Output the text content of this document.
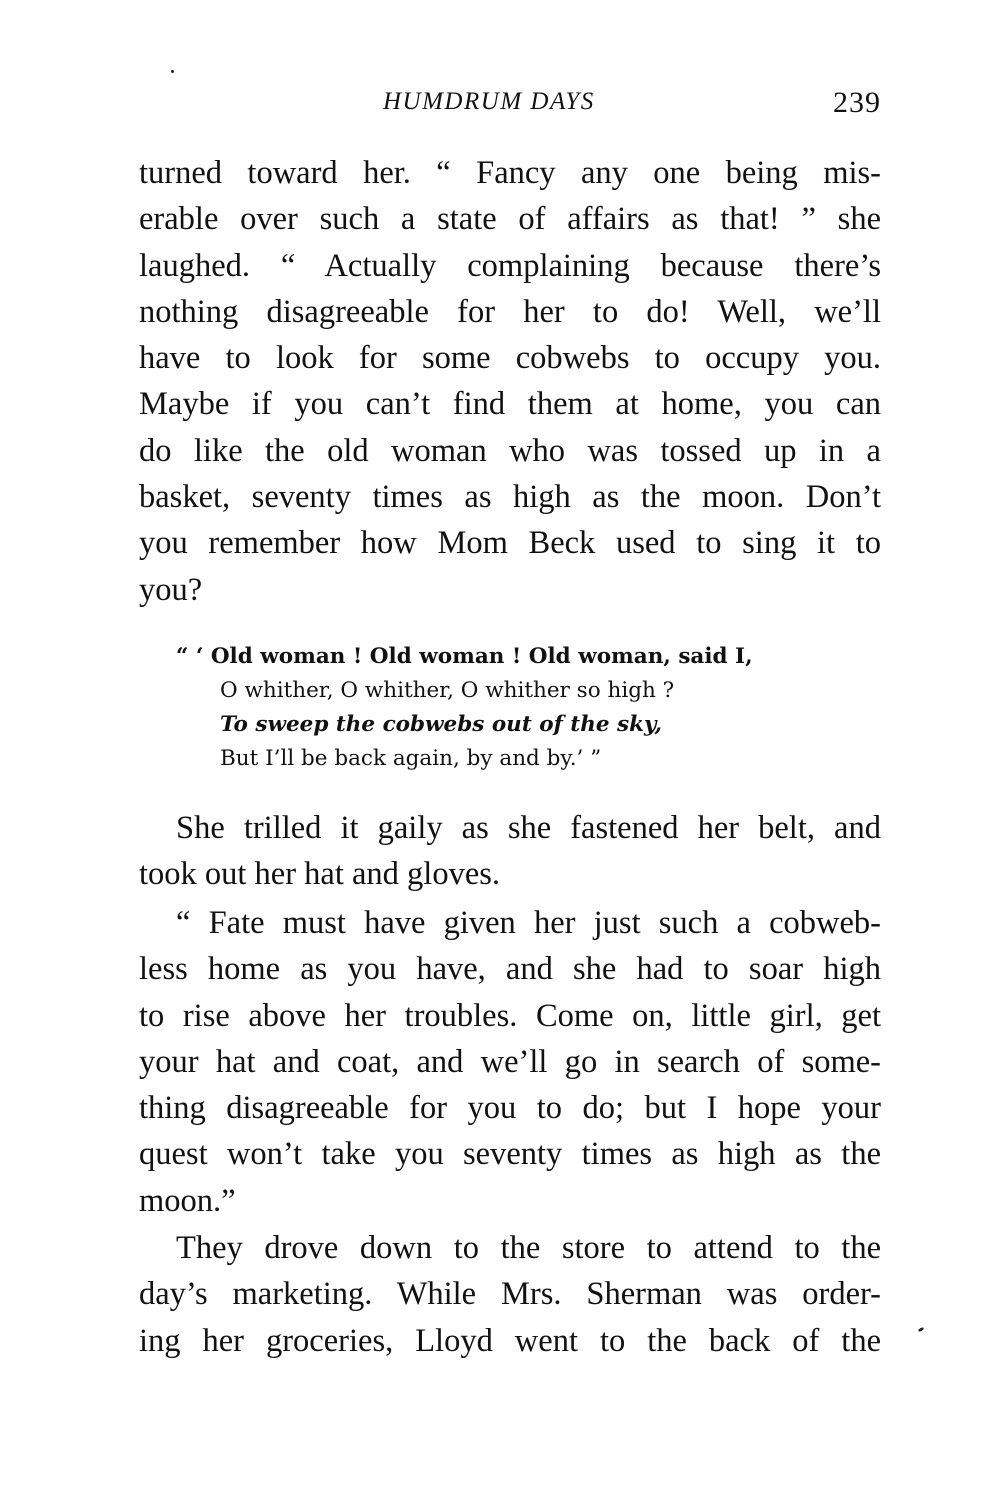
HUMDRUM DAYS	239

turned toward her. “ Fancy any one being mis-

erable over such a state of affairs as that! ” she

laughed. “ Actually complaining because there’s

nothing disagreeable for her to do! Well, we’ll

have to look for some cobwebs to occupy you.

Maybe if you can’t find them at home, you can

do like the old woman who was tossed up in a

basket, seventy times as high as the moon. Don’t

you remember how Mom Beck used to sing it to

you?

“ ‘ Old woman ! Old woman ! Old woman, said I,
O whither, O whither, O whither so high ?
To sweep the cobwebs out of the sky,
But I’ll be back again, by and by.’ ”

She trilled it gaily as she fastened her belt, and

took out her hat and gloves.

“ Fate must have given her just such a cobweb-

less home as you have, and she had to soar high

to rise above her troubles. Come on, little girl, get

your hat and coat, and we’ll go in search of some-

thing disagreeable for you to do; but I hope your

quest won’t take you seventy times as high as the

moon.”

They drove down to the store to attend to the

day’s marketing. While Mrs. Sherman was order-

ing her groceries, Lloyd went to the back of the
